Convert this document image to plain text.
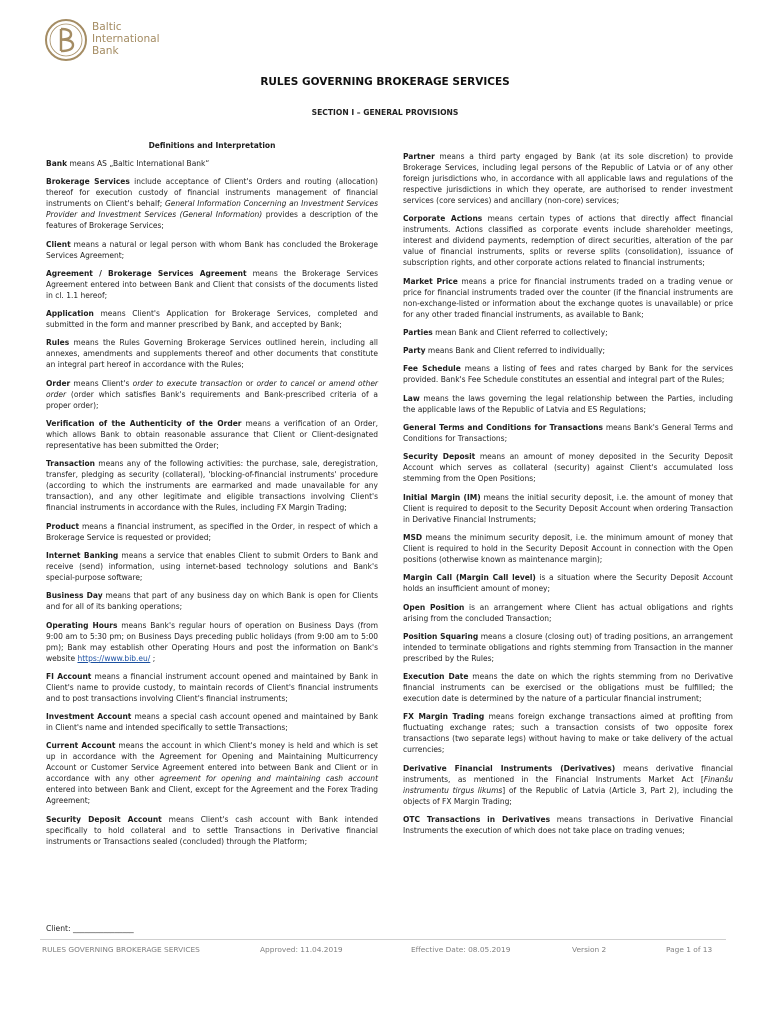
Baltic
International
Bank
RULES GOVERNING BROKERAGE SERVICES
SECTION I – GENERAL PROVISIONS

Definitions and Interpretation

Bank means AS „Baltic International Bank“

Brokerage Services include acceptance of Client's Orders and routing (allocation) thereof for execution custody of financial instruments management of financial instruments on Client's behalf; General Information Concerning an Investment Services Provider and Investment Services (General Information) provides a description of the features of Brokerage Services;

Client means a natural or legal person with whom Bank has concluded the Brokerage Services Agreement;

Agreement / Brokerage Services Agreement means the Brokerage Services Agreement entered into between Bank and Client that consists of the documents listed in cl. 1.1 hereof;

Application means Client's Application for Brokerage Services, completed and submitted in the form and manner prescribed by Bank, and accepted by Bank;

Rules means the Rules Governing Brokerage Services outlined herein, including all annexes, amendments and supplements thereof and other documents that constitute an integral part hereof in accordance with the Rules;

Order means Client's order to execute transaction or order to cancel or amend other order (order which satisfies Bank's requirements and Bank-prescribed criteria of a proper order);

Verification of the Authenticity of the Order means a verification of an Order, which allows Bank to obtain reasonable assurance that Client or Client-designated representative has been submitted the Order;

Transaction means any of the following activities: the purchase, sale, deregistration, transfer, pledging as security (collateral), 'blocking-of-financial instruments' procedure (according to which the instruments are earmarked and made unavailable for any transaction), and any other legitimate and eligible transactions involving Client's financial instruments in accordance with the Rules, including FX Margin Trading;

Product means a financial instrument, as specified in the Order, in respect of which a Brokerage Service is requested or provided;

Internet Banking means a service that enables Client to submit Orders to Bank and receive (send) information, using internet-based technology solutions and Bank's special-purpose software;

Business Day means that part of any business day on which Bank is open for Clients and for all of its banking operations;

Operating Hours means Bank's regular hours of operation on Business Days (from 9:00 am to 5:30 pm; on Business Days preceding public holidays (from 9:00 am to 5:00 pm); Bank may establish other Operating Hours and post the information on Bank's website https://www.bib.eu/ ;

FI Account means a financial instrument account opened and maintained by Bank in Client's name to provide custody, to maintain records of Client's financial instruments and to post transactions involving Client's financial instruments;

Investment Account means a special cash account opened and maintained by Bank in Client's name and intended specifically to settle Transactions;

Current Account means the account in which Client's money is held and which is set up in accordance with the Agreement for Opening and Maintaining Multicurrency Account or Customer Service Agreement entered into between Bank and Client or in accordance with any other agreement for opening and maintaining cash account entered into between Bank and Client, except for the Agreement and the Forex Trading Agreement;

Security Deposit Account means Client's cash account with Bank intended specifically to hold collateral and to settle Transactions in Derivative financial instruments or Transactions sealed (concluded) through the Platform;

Partner means a third party engaged by Bank (at its sole discretion) to provide Brokerage Services, including legal persons of the Republic of Latvia or of any other foreign jurisdictions who, in accordance with all applicable laws and regulations of the respective jurisdictions in which they operate, are authorised to render investment services (core services) and ancillary (non-core) services;

Corporate Actions means certain types of actions that directly affect financial instruments. Actions classified as corporate events include shareholder meetings, interest and dividend payments, redemption of direct securities, alteration of the par value of financial instruments, splits or reverse splits (consolidation), issuance of subscription rights, and other corporate actions related to financial instruments;

Market Price means a price for financial instruments traded on a trading venue or price for financial instruments traded over the counter (if the financial instruments are non-exchange-listed or information about the exchange quotes is unavailable) or price for any other traded financial instruments, as available to Bank;

Parties mean Bank and Client referred to collectively;

Party means Bank and Client referred to individually;

Fee Schedule means a listing of fees and rates charged by Bank for the services provided. Bank's Fee Schedule constitutes an essential and integral part of the Rules;

Law means the laws governing the legal relationship between the Parties, including the applicable laws of the Republic of Latvia and ES Regulations;

General Terms and Conditions for Transactions means Bank's General Terms and Conditions for Transactions;

Security Deposit means an amount of money deposited in the Security Deposit Account which serves as collateral (security) against Client's accumulated loss stemming from the Open Positions;

Initial Margin (IM) means the initial security deposit, i.e. the amount of money that Client is required to deposit to the Security Deposit Account when ordering Transaction in Derivative Financial Instruments;

MSD means the minimum security deposit, i.e. the minimum amount of money that Client is required to hold in the Security Deposit Account in connection with the Open positions (otherwise known as maintenance margin);

Margin Call (Margin Call level) is a situation where the Security Deposit Account holds an insufficient amount of money;

Open Position is an arrangement where Client has actual obligations and rights arising from the concluded Transaction;

Position Squaring means a closure (closing out) of trading positions, an arrangement intended to terminate obligations and rights stemming from Transaction in the manner prescribed by the Rules;

Execution Date means the date on which the rights stemming from no Derivative financial instruments can be exercised or the obligations must be fulfilled; the execution date is determined by the nature of a particular financial instrument;

FX Margin Trading means foreign exchange transactions aimed at profiting from fluctuating exchange rates; such a transaction consists of two opposite forex transactions (two separate legs) without having to make or take delivery of the actual currencies;

Derivative Financial Instruments (Derivatives) means derivative financial instruments, as mentioned in the Financial Instruments Market Act [Finanšu instrumentu tirgus likums] of the Republic of Latvia (Article 3, Part 2), including the objects of FX Margin Trading;

OTC Transactions in Derivatives means transactions in Derivative Financial Instruments the execution of which does not take place on trading venues;

Client: ________________
RULES GOVERNING BROKERAGE SERVICES	Approved: 11.04.2019	Effective Date: 08.05.2019	Version 2	Page 1 of 13
